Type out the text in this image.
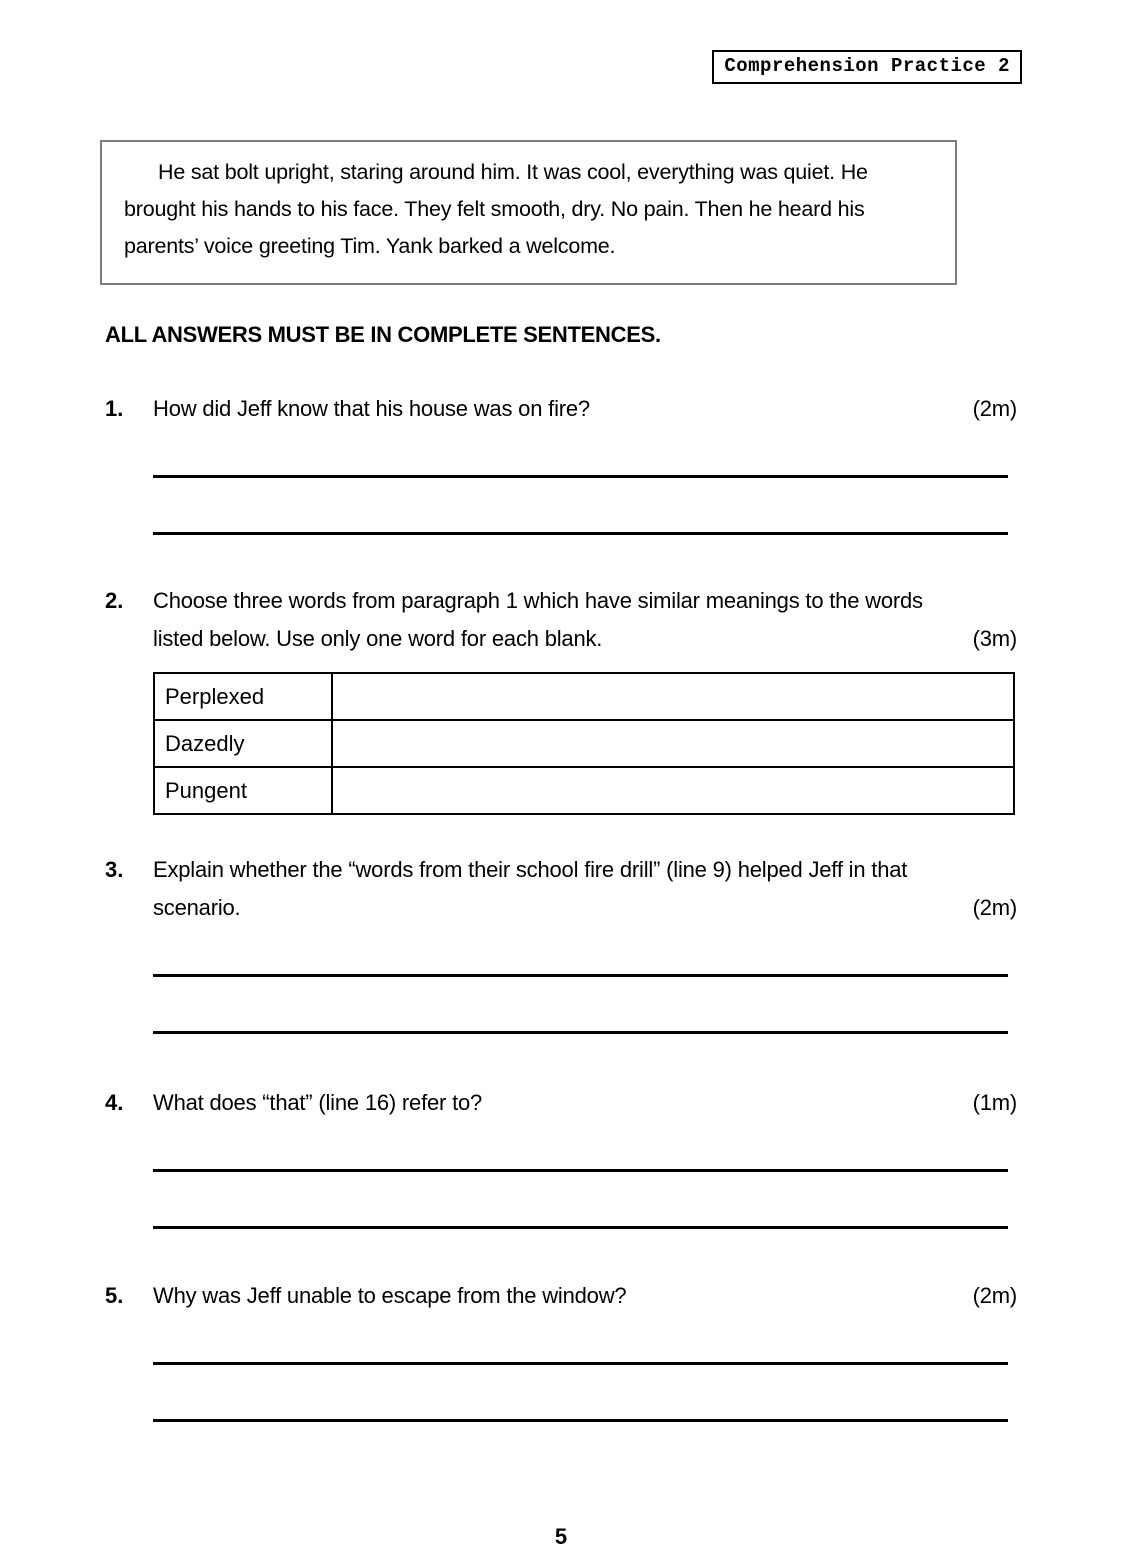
Comprehension Practice 2

He sat bolt upright, staring around him. It was cool, everything was quiet. He brought his hands to his face. They felt smooth, dry. No pain. Then he heard his parents’ voice greeting Tim. Yank barked a welcome.

ALL ANSWERS MUST BE IN COMPLETE SENTENCES.

1.	How did Jeff know that his house was on fire?	(2m)
2.	Choose three words from paragraph 1 which have similar meanings to the words listed below. Use only one word for each blank.	(3m)
Perplexed	
Dazedly	
Pungent	
3.	Explain whether the “words from their school fire drill” (line 9) helped Jeff in that scenario.	(2m)
4.	What does “that” (line 16) refer to?	(1m)
5.	Why was Jeff unable to escape from the window?	(2m)
5
